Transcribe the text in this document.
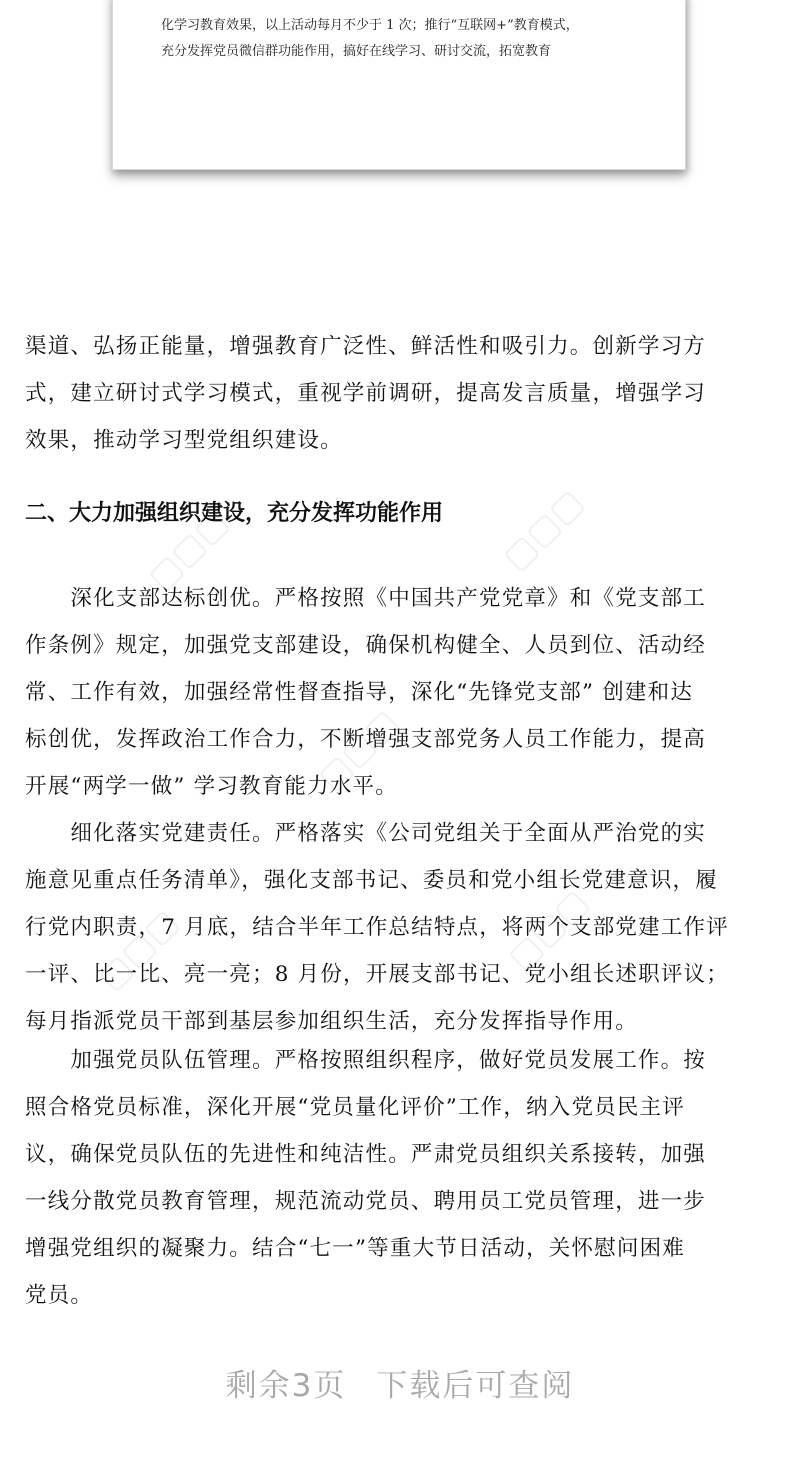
化学习教育效果，以上活动每月不少于 1 次；推行“互联网+”教育模式，
充分发挥党员微信群功能作用，搞好在线学习、研讨交流，拓宽教育
▢▢▢	▢▢▢
▢▢▢
▢▢▢	▢▢▢
渠道、弘扬正能量，增强教育广泛性、鲜活性和吸引力。创新学习方
式，建立研讨式学习模式，重视学前调研，提高发言质量，增强学习
效果，推动学习型党组织建设。
二、大力加强组织建设，充分发挥功能作用
　　深化支部达标创优。严格按照《中国共产党党章》和《党支部工
作条例》规定，加强党支部建设，确保机构健全、人员到位、活动经
常、工作有效，加强经常性督查指导，深化“先锋党支部” 创建和达
标创优，发挥政治工作合力，不断增强支部党务人员工作能力，提高
开展“两学一做” 学习教育能力水平。
　　细化落实党建责任。严格落实《公司党组关于全面从严治党的实
施意见重点任务清单》，强化支部书记、委员和党小组长党建意识，履
行党内职责，7 月底，结合半年工作总结特点，将两个支部党建工作评
一评、比一比、亮一亮；8 月份，开展支部书记、党小组长述职评议；
每月指派党员干部到基层参加组织生活，充分发挥指导作用。
　　加强党员队伍管理。严格按照组织程序，做好党员发展工作。按
照合格党员标准，深化开展“党员量化评价”工作，纳入党员民主评
议，确保党员队伍的先进性和纯洁性。严肃党员组织关系接转，加强
一线分散党员教育管理，规范流动党员、聘用员工党员管理，进一步
增强党组织的凝聚力。结合“七一”等重大节日活动，关怀慰问困难
党员。
剩余3页 下载后可查阅
